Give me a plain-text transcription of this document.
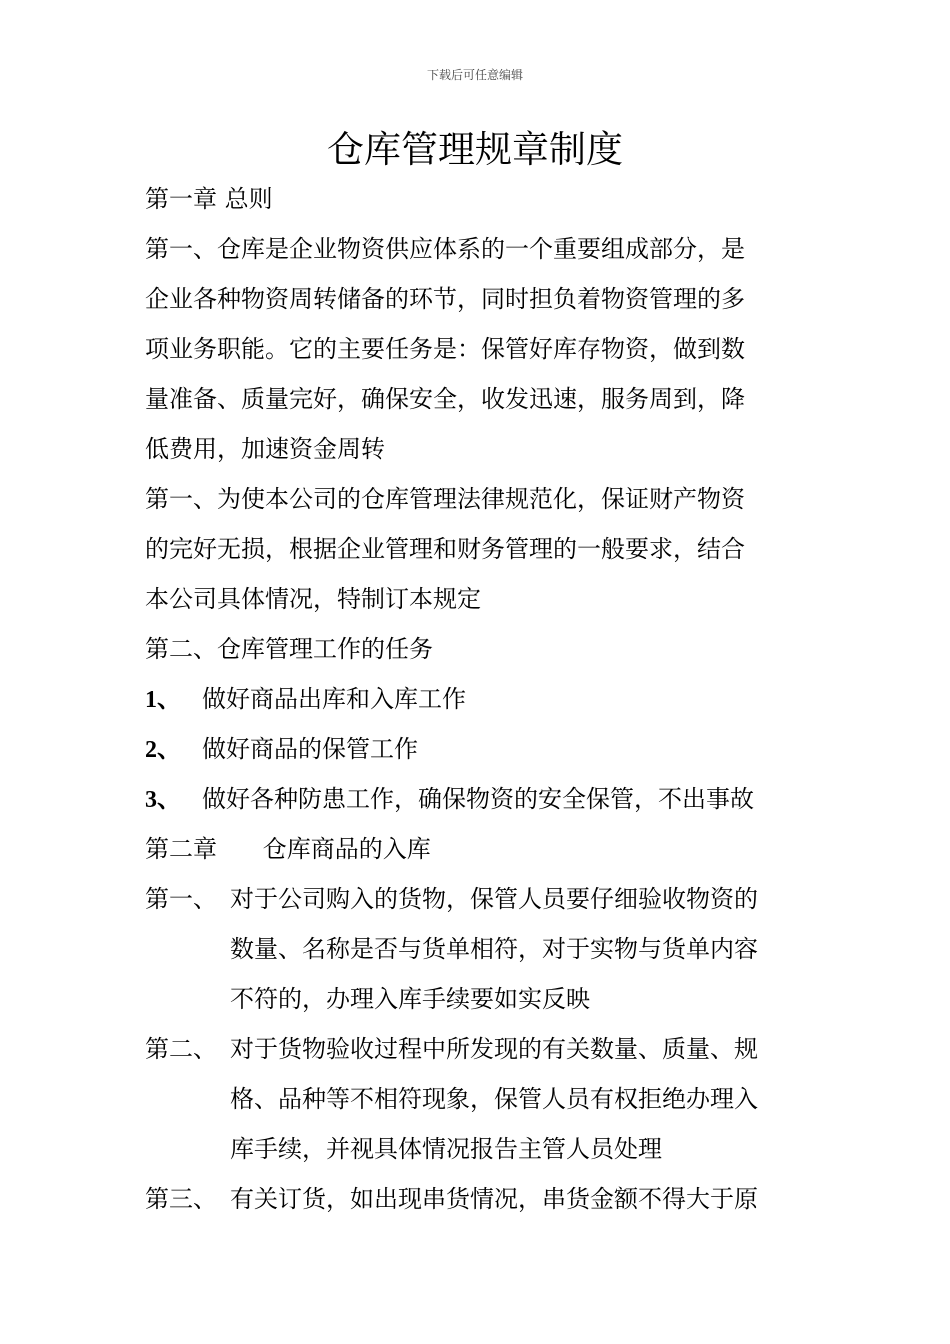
下载后可任意编辑
仓库管理规章制度
第一章 总则
第一、仓库是企业物资供应体系的一个重要组成部分，是
企业各种物资周转储备的环节，同时担负着物资管理的多
项业务职能。它的主要任务是：保管好库存物资，做到数
量准备、质量完好，确保安全，收发迅速，服务周到，降
低费用，加速资金周转
第一、为使本公司的仓库管理法律规范化，保证财产物资
的完好无损，根据企业管理和财务管理的一般要求，结合
本公司具体情况，特制订本规定
第二、仓库管理工作的任务
1、 做好商品出库和入库工作
2、 做好商品的保管工作
3、 做好各种防患工作，确保物资的安全保管，不出事故
第二章      仓库商品的入库
第一、 对于公司购入的货物，保管人员要仔细验收物资的
数量、名称是否与货单相符，对于实物与货单内容
不符的，办理入库手续要如实反映
第二、 对于货物验收过程中所发现的有关数量、质量、规
格、品种等不相符现象，保管人员有权拒绝办理入
库手续，并视具体情况报告主管人员处理
第三、 有关订货，如出现串货情况，串货金额不得大于原
